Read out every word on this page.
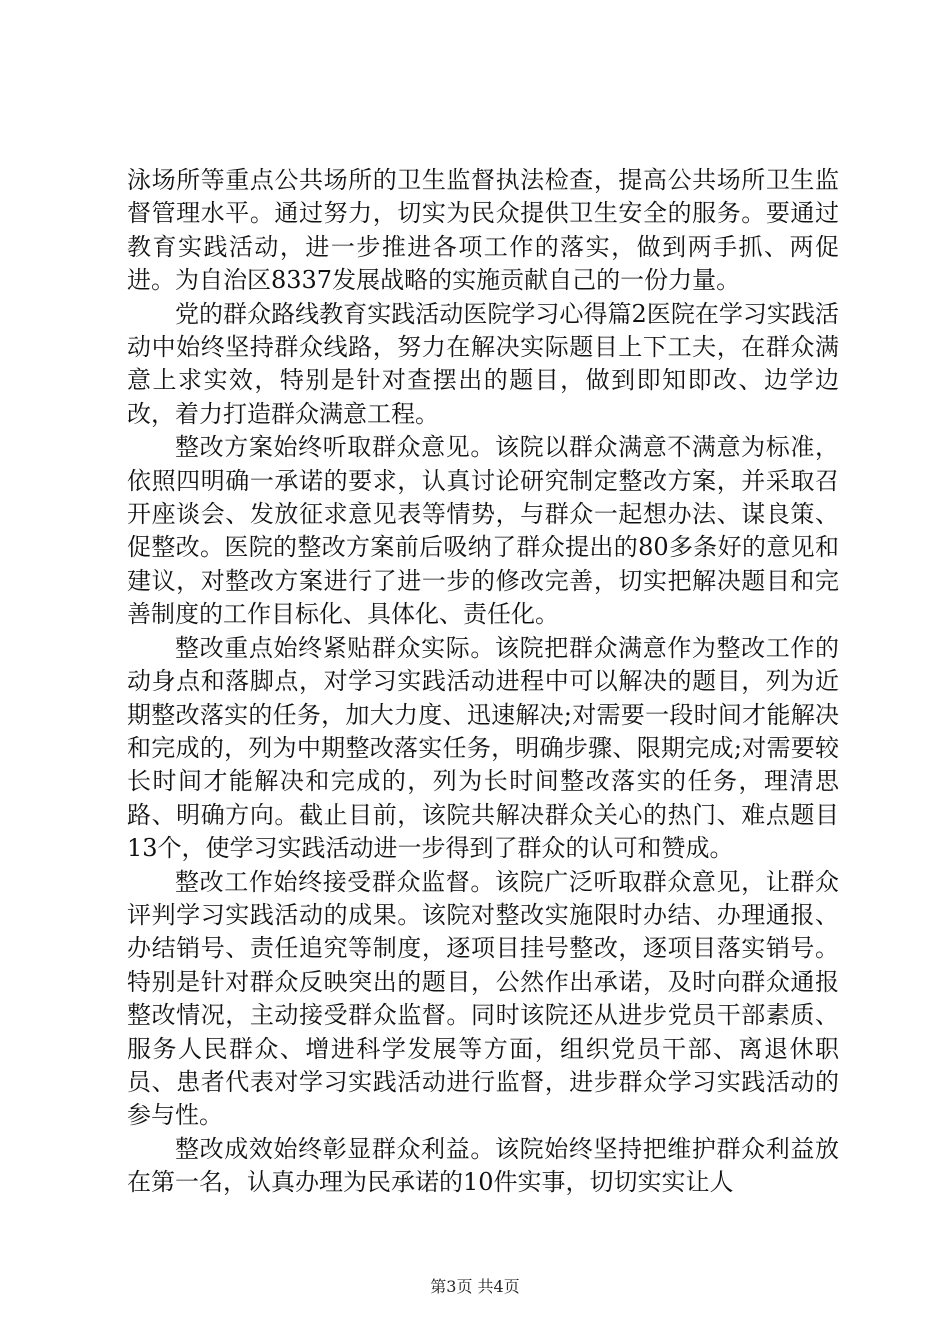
泳场所等重点公共场所的卫生监督执法检查，提高公共场所卫生监督管理水平。通过努力，切实为民众提供卫生安全的服务。要通过教育实践活动，进一步推进各项工作的落实，做到两手抓、两促进。为自治区8337发展战略的实施贡献自己的一份力量。

党的群众路线教育实践活动医院学习心得篇2医院在学习实践活动中始终坚持群众线路，努力在解决实际题目上下工夫，在群众满意上求实效，特别是针对查摆出的题目，做到即知即改、边学边改，着力打造群众满意工程。

整改方案始终听取群众意见。该院以群众满意不满意为标准，依照四明确一承诺的要求，认真讨论研究制定整改方案，并采取召开座谈会、发放征求意见表等情势，与群众一起想办法、谋良策、促整改。医院的整改方案前后吸纳了群众提出的80多条好的意见和建议，对整改方案进行了进一步的修改完善，切实把解决题目和完善制度的工作目标化、具体化、责任化。

整改重点始终紧贴群众实际。该院把群众满意作为整改工作的动身点和落脚点，对学习实践活动进程中可以解决的题目，列为近期整改落实的任务，加大力度、迅速解决;对需要一段时间才能解决和完成的，列为中期整改落实任务，明确步骤、限期完成;对需要较长时间才能解决和完成的，列为长时间整改落实的任务，理清思路、明确方向。截止目前，该院共解决群众关心的热门、难点题目13个，使学习实践活动进一步得到了群众的认可和赞成。

整改工作始终接受群众监督。该院广泛听取群众意见，让群众评判学习实践活动的成果。该院对整改实施限时办结、办理通报、办结销号、责任追究等制度，逐项目挂号整改，逐项目落实销号。特别是针对群众反映突出的题目，公然作出承诺，及时向群众通报整改情况，主动接受群众监督。同时该院还从进步党员干部素质、服务人民群众、增进科学发展等方面，组织党员干部、离退休职员、患者代表对学习实践活动进行监督，进步群众学习实践活动的参与性。

整改成效始终彰显群众利益。该院始终坚持把维护群众利益放在第一名，认真办理为民承诺的10件实事，切切实实让人

第3页 共4页
